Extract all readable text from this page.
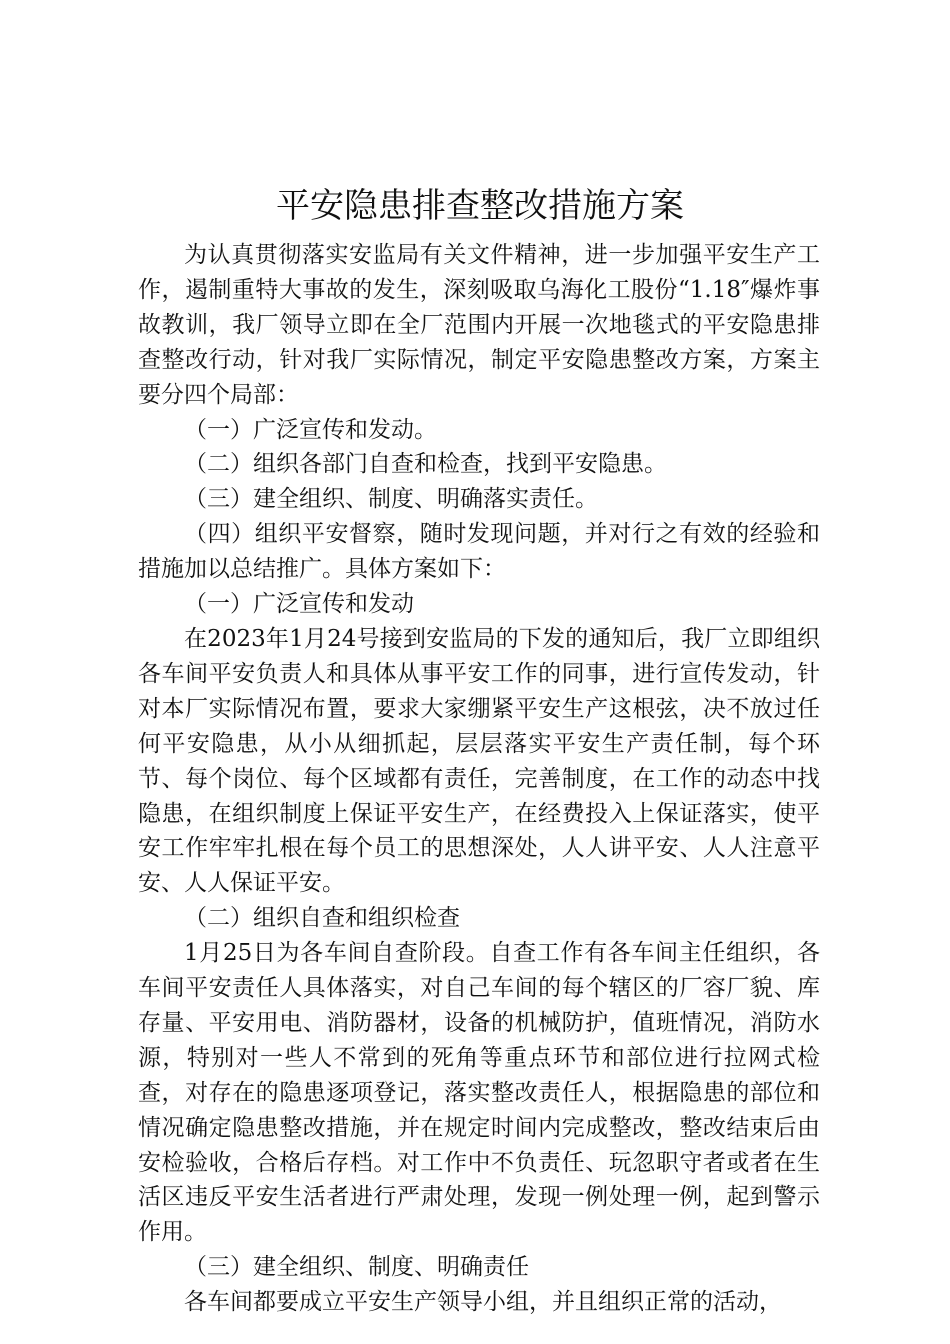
平安隐患排查整改措施方案

为认真贯彻落实安监局有关文件精神，进一步加强平安生产工作，遏制重特大事故的发生，深刻吸取乌海化工股份“1.18″爆炸事故教训，我厂领导立即在全厂范围内开展一次地毯式的平安隐患排查整改行动，针对我厂实际情况，制定平安隐患整改方案，方案主要分四个局部：

（一）广泛宣传和发动。

（二）组织各部门自查和检查，找到平安隐患。

（三）建全组织、制度、明确落实责任。

（四）组织平安督察，随时发现问题，并对行之有效的经验和措施加以总结推广。具体方案如下：

（一）广泛宣传和发动

在2023年1月24号接到安监局的下发的通知后，我厂立即组织各车间平安负责人和具体从事平安工作的同事，进行宣传发动，针对本厂实际情况布置，要求大家绷紧平安生产这根弦，决不放过任何平安隐患，从小从细抓起，层层落实平安生产责任制，每个环节、每个岗位、每个区域都有责任，完善制度，在工作的动态中找隐患，在组织制度上保证平安生产，在经费投入上保证落实，使平安工作牢牢扎根在每个员工的思想深处，人人讲平安、人人注意平安、人人保证平安。

（二）组织自查和组织检查

1月25日为各车间自查阶段。自查工作有各车间主任组织，各车间平安责任人具体落实，对自己车间的每个辖区的厂容厂貌、库存量、平安用电、消防器材，设备的机械防护，值班情况，消防水源，特别对一些人不常到的死角等重点环节和部位进行拉网式检查，对存在的隐患逐项登记，落实整改责任人，根据隐患的部位和情况确定隐患整改措施，并在规定时间内完成整改，整改结束后由安检验收，合格后存档。对工作中不负责任、玩忽职守者或者在生活区违反平安生活者进行严肃处理，发现一例处理一例，起到警示作用。

（三）建全组织、制度、明确责任

各车间都要成立平安生产领导小组，并且组织正常的活动，
